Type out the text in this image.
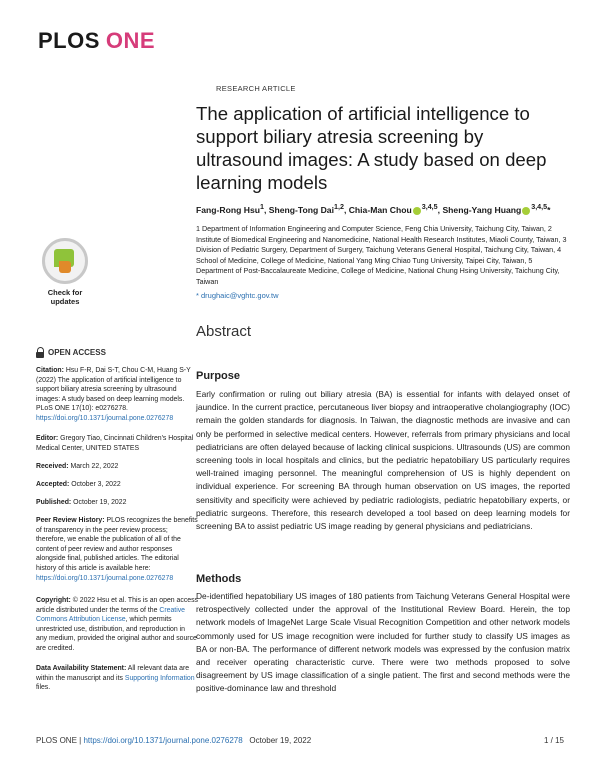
PLOS ONE
Check for updates
OPEN ACCESS
Citation: Hsu F-R, Dai S-T, Chou C-M, Huang S-Y (2022) The application of artificial intelligence to support biliary atresia screening by ultrasound images: A study based on deep learning models. PLoS ONE 17(10): e0276278. https://doi.org/10.1371/journal.pone.0276278
Editor: Gregory Tiao, Cincinnati Children's Hospital Medical Center, UNITED STATES
Received: March 22, 2022
Accepted: October 3, 2022
Published: October 19, 2022
Peer Review History: PLOS recognizes the benefits of transparency in the peer review process; therefore, we enable the publication of all of the content of peer review and author responses alongside final, published articles. The editorial history of this article is available here: https://doi.org/10.1371/journal.pone.0276278
Copyright: © 2022 Hsu et al. This is an open access article distributed under the terms of the Creative Commons Attribution License, which permits unrestricted use, distribution, and reproduction in any medium, provided the original author and source are credited.
Data Availability Statement: All relevant data are within the manuscript and its Supporting Information files.
RESEARCH ARTICLE
The application of artificial intelligence to support biliary atresia screening by ultrasound images: A study based on deep learning models
Fang-Rong Hsu$^1$, Sheng-Tong Dai$^{1,2}$, Chia-Man Chou $^{3,4,5}$, Sheng-Yang Huang $^{3,4,5}$*
1 Department of Information Engineering and Computer Science, Feng Chia University, Taichung City, Taiwan, 2 Institute of Biomedical Engineering and Nanomedicine, National Health Research Institutes, Miaoli County, Taiwan, 3 Division of Pediatric Surgery, Department of Surgery, Taichung Veterans General Hospital, Taichung City, Taiwan, 4 School of Medicine, College of Medicine, National Yang Ming Chiao Tung University, Taipei City, Taiwan, 5 Department of Post-Baccalaureate Medicine, College of Medicine, National Chung Hsing University, Taichung City, Taiwan
* drughaic@vghtc.gov.tw
Abstract
Purpose
Early confirmation or ruling out biliary atresia (BA) is essential for infants with delayed onset of jaundice. In the current practice, percutaneous liver biopsy and intraoperative cholangiography (IOC) remain the golden standards for diagnosis. In Taiwan, the diagnostic methods are invasive and can only be performed in selective medical centers. However, referrals from primary physicians and local pediatricians are often delayed because of lacking clinical suspicions. Ultrasounds (US) are common screening tools in local hospitals and clinics, but the pediatric hepatobiliary US particularly requires well-trained imaging personnel. The meaningful comprehension of US is highly dependent on individual experience. For screening BA through human observation on US images, the reported sensitivity and specificity were achieved by pediatric radiologists, pediatric hepatobiliary experts, or pediatric surgeons. Therefore, this research developed a tool based on deep learning models for screening BA to assist pediatric US image reading by general physicians and pediatricians.
Methods
De-identified hepatobiliary US images of 180 patients from Taichung Veterans General Hospital were retrospectively collected under the approval of the Institutional Review Board. Herein, the top network models of ImageNet Large Scale Visual Recognition Competition and other network models commonly used for US image recognition were included for further study to classify US images as BA or non-BA. The performance of different network models was expressed by the confusion matrix and receiver operating characteristic curve. There were two methods proposed to solve disagreement by US image classification of a single patient. The first and second methods were the positive-dominance law and threshold
PLOS ONE | https://doi.org/10.1371/journal.pone.0276278 October 19, 2022	1 / 15
